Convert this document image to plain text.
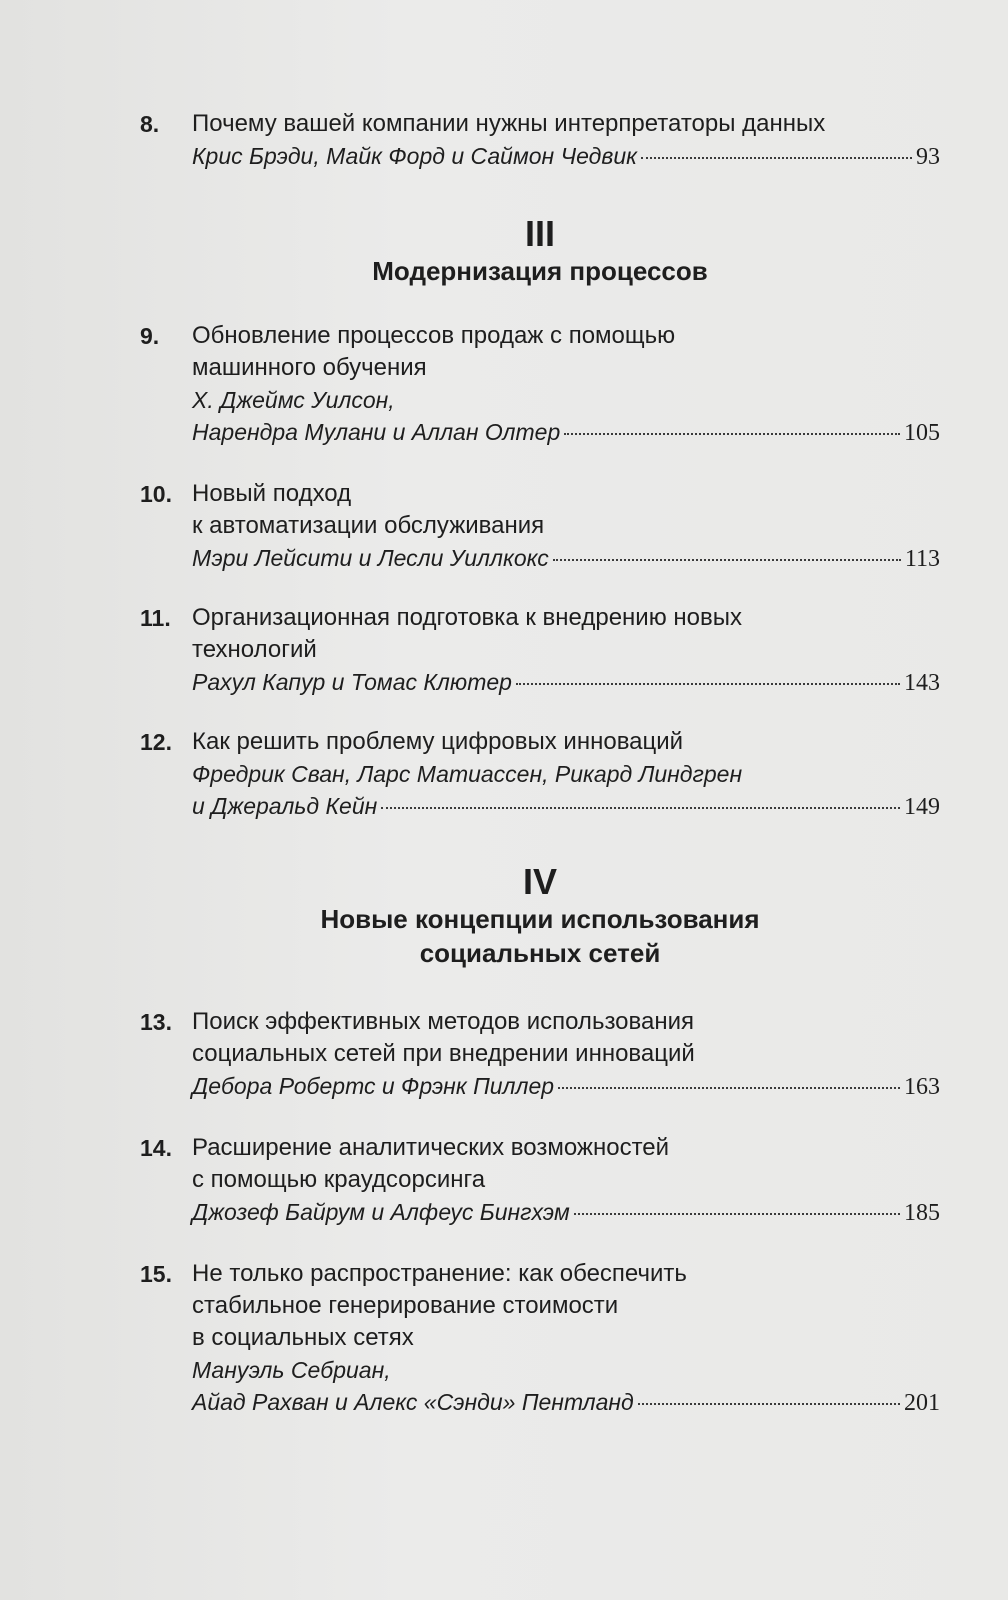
8. Почему вашей компании нужны интерпретаторы данных
Крис Брэди, Майк Форд и Саймон Чедвик	93
III
Модернизация процессов
9. Обновление процессов продаж с помощью
машинного обучения
Х. Джеймс Уилсон,
Нарендра Мулани и Аллан Олтер	105
10. Новый подход
к автоматизации обслуживания
Мэри Лейсити и Лесли Уиллкокс	113
11. Организационная подготовка к внедрению новых
технологий
Рахул Капур и Томас Клютер	143
12. Как решить проблему цифровых инноваций
Фредрик Сван, Ларс Матиассен, Рикард Линдгрен
и Джеральд Кейн	149
IV
Новые концепции использования
социальных сетей
13. Поиск эффективных методов использования
социальных сетей при внедрении инноваций
Дебора Робертс и Фрэнк Пиллер	163
14. Расширение аналитических возможностей
с помощью краудсорсинга
Джозеф Байрум и Алфеус Бингхэм	185
15. Не только распространение: как обеспечить
стабильное генерирование стоимости
в социальных сетях
Мануэль Себриан,
Айад Рахван и Алекс «Сэнди» Пентланд	201
